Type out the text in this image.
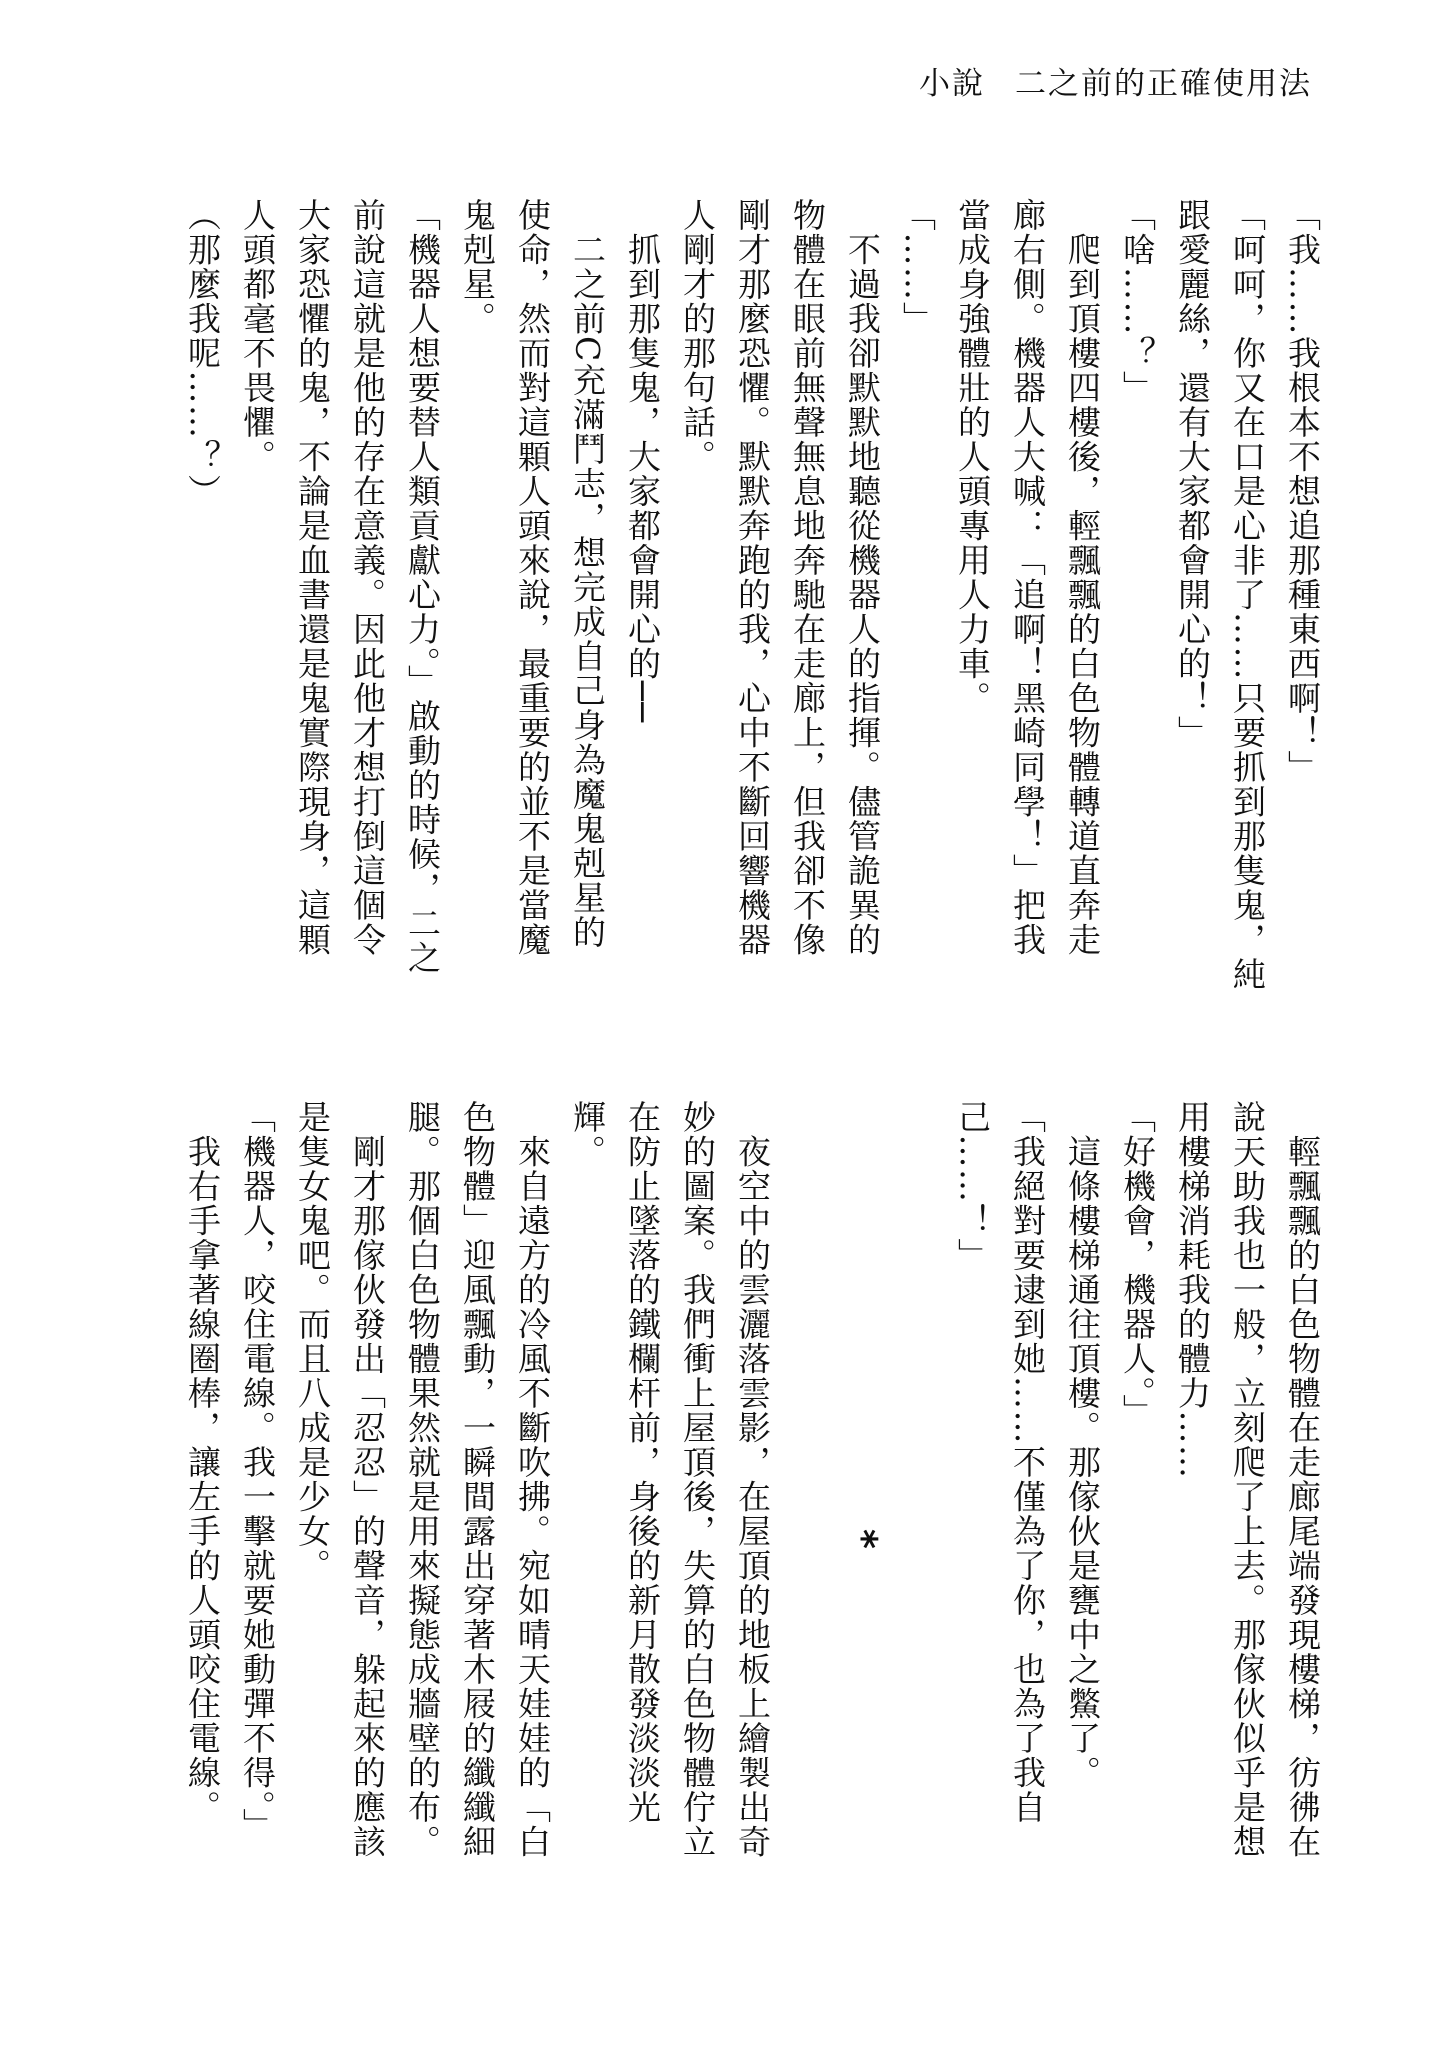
小說 二之前的正確使用法

「我……我根本不想追那種東西啊！」

「呵呵，你又在口是心非了……只要抓到那隻鬼，純

跟愛麗絲，還有大家都會開心的！」

「啥……？」

　爬到頂樓四樓後，輕飄飄的白色物體轉道直奔走

廊右側。機器人大喊：「追啊！黑崎同學！」把我

當成身強體壯的人頭專用人力車。

「……」

　不過我卻默默地聽從機器人的指揮。儘管詭異的

物體在眼前無聲無息地奔馳在走廊上，但我卻不像

剛才那麼恐懼。默默奔跑的我，心中不斷回響機器

人剛才的那句話。

　抓到那隻鬼，大家都會開心的──

　二之前C充滿鬥志，想完成自己身為魔鬼剋星的

使命，然而對這顆人頭來說，最重要的並不是當魔

鬼剋星。

「機器人想要替人類貢獻心力。」啟動的時候，二之

前說這就是他的存在意義。因此他才想打倒這個令

大家恐懼的鬼，不論是血書還是鬼實際現身，這顆

人頭都毫不畏懼。

（那麼我呢……？）

　輕飄飄的白色物體在走廊尾端發現樓梯，彷彿在

說天助我也一般，立刻爬了上去。那傢伙似乎是想

用樓梯消耗我的體力……

「好機會，機器人。」

　這條樓梯通往頂樓。那傢伙是甕中之鱉了。

「我絕對要逮到她……不僅為了你，也為了我自

己……！」

*

　夜空中的雲灑落雲影，在屋頂的地板上繪製出奇

妙的圖案。我們衝上屋頂後，失算的白色物體佇立

在防止墜落的鐵欄杆前，身後的新月散發淡淡光

輝。

　來自遠方的冷風不斷吹拂。宛如晴天娃娃的「白

色物體」迎風飄動，一瞬間露出穿著木屐的纖纖細

腿。那個白色物體果然就是用來擬態成牆壁的布。

　剛才那傢伙發出「忍忍」的聲音，躲起來的應該

是隻女鬼吧。而且八成是少女。

「機器人，咬住電線。我一擊就要她動彈不得。」

　我右手拿著線圈棒，讓左手的人頭咬住電線。
